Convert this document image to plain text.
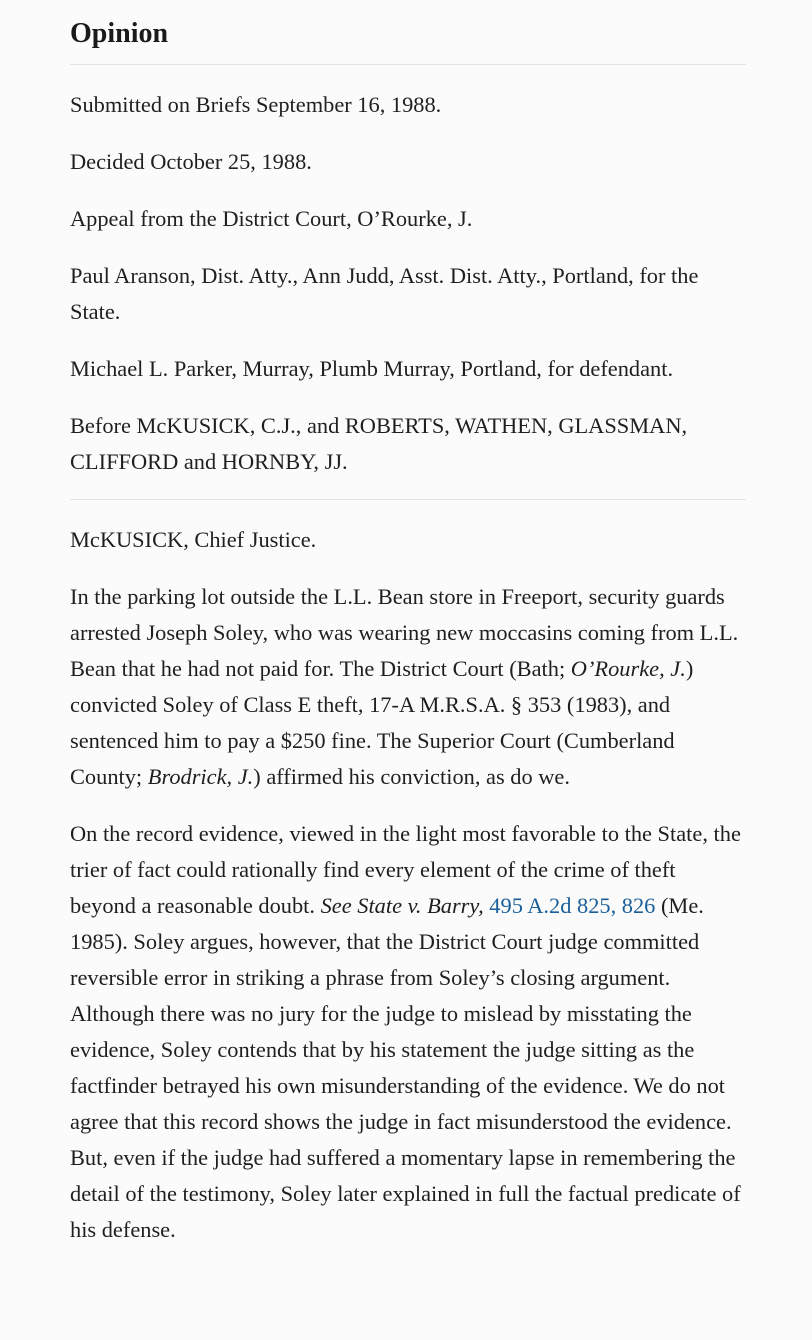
Opinion

Submitted on Briefs September 16, 1988.

Decided October 25, 1988.

Appeal from the District Court, O’Rourke, J.

Paul Aranson, Dist. Atty., Ann Judd, Asst. Dist. Atty., Portland, for the State.

Michael L. Parker, Murray, Plumb Murray, Portland, for defendant.

Before McKUSICK, C.J., and ROBERTS, WATHEN, GLASSMAN, CLIFFORD and HORNBY, JJ.

McKUSICK, Chief Justice.

In the parking lot outside the L.L. Bean store in Freeport, security guards arrested Joseph Soley, who was wearing new moccasins coming from L.L. Bean that he had not paid for. The District Court (Bath; O’Rourke, J.) convicted Soley of Class E theft, 17-A M.R.S.A. § 353 (1983), and sentenced him to pay a $250 fine. The Superior Court (Cumberland County; Brodrick, J.) affirmed his conviction, as do we.

On the record evidence, viewed in the light most favorable to the State, the trier of fact could rationally find every element of the crime of theft beyond a reasonable doubt. See State v. Barry, 495 A.2d 825, 826 (Me. 1985). Soley argues, however, that the District Court judge committed reversible error in striking a phrase from Soley’s closing argument. Although there was no jury for the judge to mislead by misstating the evidence, Soley contends that by his statement the judge sitting as the factfinder betrayed his own misunderstanding of the evidence. We do not agree that this record shows the judge in fact misunderstood the evidence. But, even if the judge had suffered a momentary lapse in remembering the detail of the testimony, Soley later explained in full the factual predicate of his defense.
